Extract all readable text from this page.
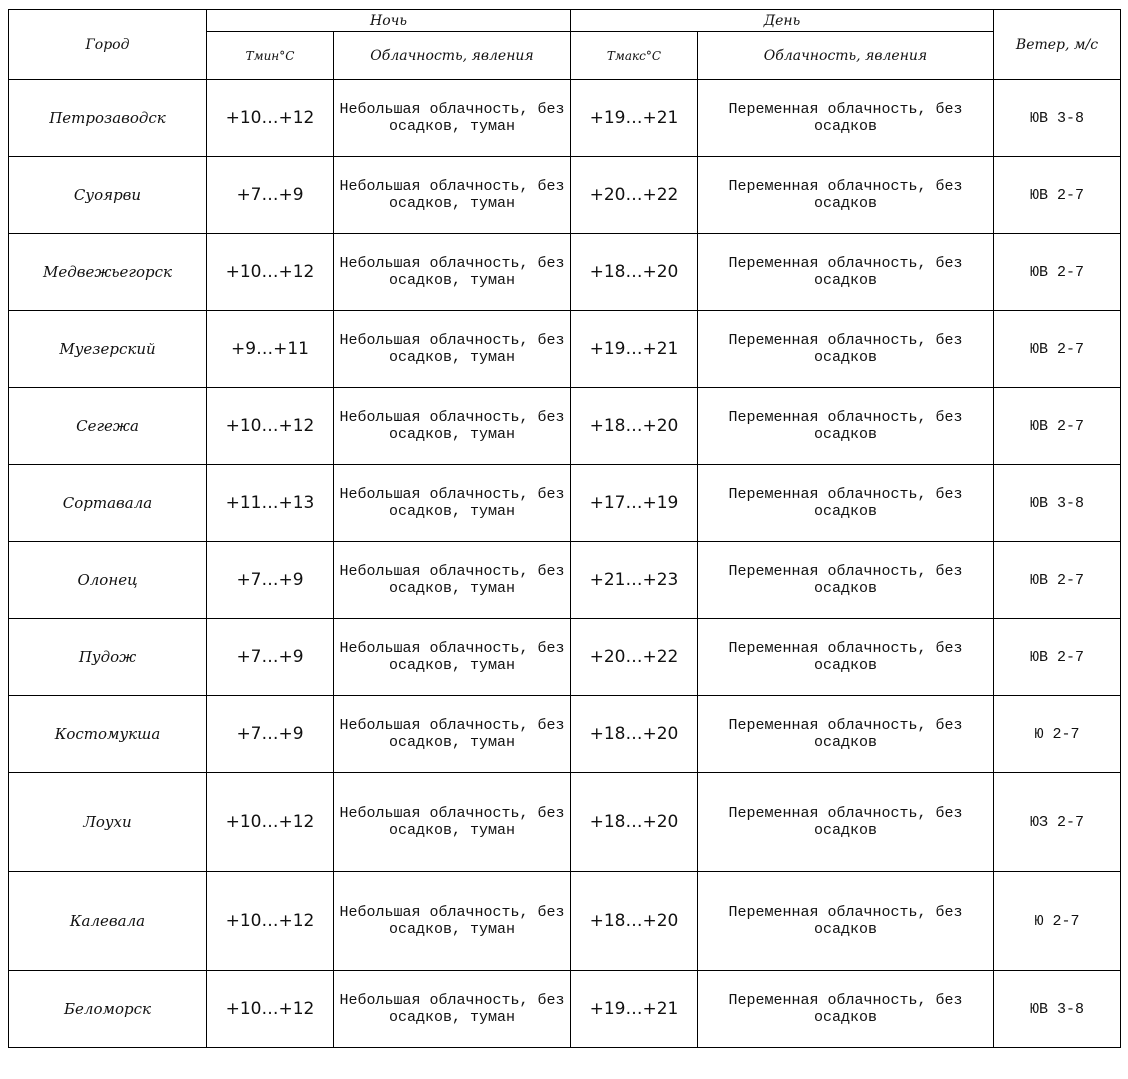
Город	Ночь		День		Ветер, м/с
	Тмин°С	Облачность, явления	Тмакс°С	Облачность, явления	
Петрозаводск	+10…+12	Небольшая облачность, без осадков, туман	+19…+21	Переменная облачность, без осадков	ЮВ 3-8
Суоярви	+7…+9	Небольшая облачность, без осадков, туман	+20…+22	Переменная облачность, без осадков	ЮВ 2-7
Медвежьегорск	+10…+12	Небольшая облачность, без осадков, туман	+18…+20	Переменная облачность, без осадков	ЮВ 2-7
Муезерский	+9…+11	Небольшая облачность, без осадков, туман	+19…+21	Переменная облачность, без осадков	ЮВ 2-7
Сегежа	+10…+12	Небольшая облачность, без осадков, туман	+18…+20	Переменная облачность, без осадков	ЮВ 2-7
Сортавала	+11…+13	Небольшая облачность, без осадков, туман	+17…+19	Переменная облачность, без осадков	ЮВ 3-8
Олонец	+7…+9	Небольшая облачность, без осадков, туман	+21…+23	Переменная облачность, без осадков	ЮВ 2-7
Пудож	+7…+9	Небольшая облачность, без осадков, туман	+20…+22	Переменная облачность, без осадков	ЮВ 2-7
Костомукша	+7…+9	Небольшая облачность, без осадков, туман	+18…+20	Переменная облачность, без осадков	Ю 2-7
Лоухи	+10…+12	Небольшая облачность, без осадков, туман	+18…+20	Переменная облачность, без осадков	ЮЗ 2-7
Калевала	+10…+12	Небольшая облачность, без осадков, туман	+18…+20	Переменная облачность, без осадков	Ю 2-7
Беломорск	+10…+12	Небольшая облачность, без осадков, туман	+19…+21	Переменная облачность, без осадков	ЮВ 3-8
